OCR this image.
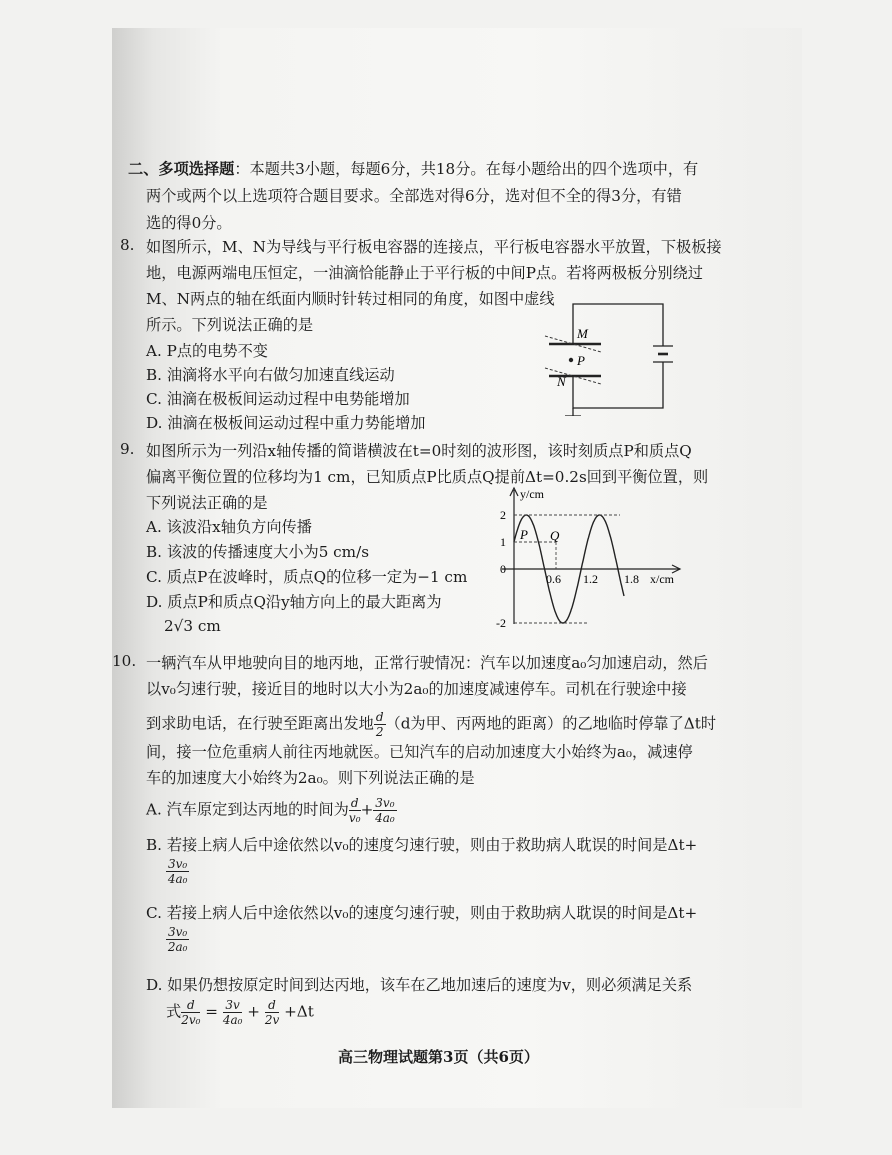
二、多项选择题：本题共3小题，每题6分，共18分。在每小题给出的四个选项中，有
两个或两个以上选项符合题目要求。全部选对得6分，选对但不全的得3分，有错
选的得0分。
8. 如图所示，M、N为导线与平行板电容器的连接点，平行板电容器水平放置，下极板接
地，电源两端电压恒定，一油滴恰能静止于平行板的中间P点。若将两极板分别绕过
M、N两点的轴在纸面内顺时针转过相同的角度，如图中虚线
所示。下列说法正确的是
A. P点的电势不变
B. 油滴将水平向右做匀加速直线运动
C. 油滴在极板间运动过程中电势能增加
D. 油滴在极板间运动过程中重力势能增加
M
P
N
9. 如图所示为一列沿x轴传播的简谐横波在t=0时刻的波形图，该时刻质点P和质点Q
偏离平衡位置的位移均为1 cm，已知质点P比质点Q提前Δt=0.2s回到平衡位置，则
下列说法正确的是
A. 该波沿x轴负方向传播
B. 该波的传播速度大小为5 cm/s
C. 质点P在波峰时，质点Q的位移一定为−1 cm
D. 质点P和质点Q沿y轴方向上的最大距离为
2√3 cm
y/cm
x/cm
0
2
1
-2
0.6 1.2 1.8
P Q
10. 一辆汽车从甲地驶向目的地丙地，正常行驶情况：汽车以加速度a₀匀加速启动，然后
以v₀匀速行驶，接近目的地时以大小为2a₀的加速度减速停车。司机在行驶途中接
到求助电话，在行驶至距离出发地 $\frac{d}{2} (d$为甲、丙两地的距离）的乙地临时停靠了Δt时
间，接一位危重病人前往丙地就医。已知汽车的启动加速度大小始终为a₀，减速停
车的加速度大小始终为2a₀。则下列说法正确的是
A. 汽车原定到达丙地的时间为 $\frac{d}{\text{v₀}} + \frac{\text{3v₀}}{\text{4a₀}}$
B. 若接上病人后中途依然以v₀的速度匀速行驶，则由于救助病人耽误的时间是Δt+
$\frac{\text{3v₀}}{\text{4a₀}}$
C. 若接上病人后中途依然以v₀的速度匀速行驶，则由于救助病人耽误的时间是Δt+
$\frac{\text{3v₀}}{\text{2a₀}}$
D. 如果仍想按原定时间到达丙地，该车在乙地加速后的速度为v，则必须满足关系
式 $\frac{d}{\text{2v₀}} = \frac{3v}{\text{4a₀}} + \frac{d}{2v} +\Delta t$
高三物理试题第3页（共6页）
